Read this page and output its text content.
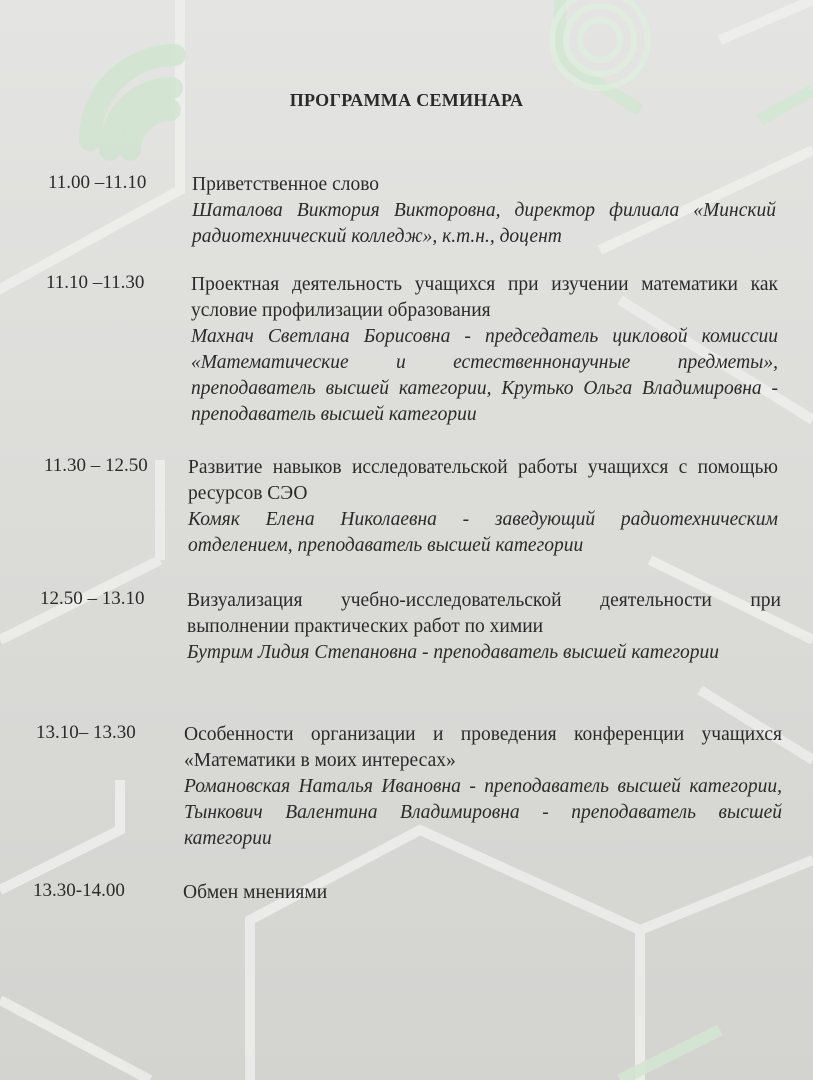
ПРОГРАММА СЕМИНАРА
11.00 –11.10 Приветственное слово
Шаталова Виктория Викторовна, директор филиала «Минский радиотехнический колледж», к.т.н., доцент
11.10 –11.30 Проектная деятельность учащихся при изучении математики как условие профилизации образования
Махнач Светлана Борисовна - председатель цикловой комиссии «Математические и естественнонаучные предметы», преподаватель высшей категории, Крутько Ольга Владимировна - преподаватель высшей категории
11.30 – 12.50 Развитие навыков исследовательской работы учащихся с помощью ресурсов СЭО
Комяк Елена Николаевна - заведующий радиотехническим отделением, преподаватель высшей категории
12.50 – 13.10 Визуализация учебно-исследовательской деятельности при выполнении практических работ по химии
Бутрим Лидия Степановна - преподаватель высшей категории
13.10– 13.30 Особенности организации и проведения конференции учащихся «Математики в моих интересах»
Романовская Наталья Ивановна - преподаватель высшей категории, Тынкович Валентина Владимировна - преподаватель высшей категории
13.30-14.00	Обмен мнениями
